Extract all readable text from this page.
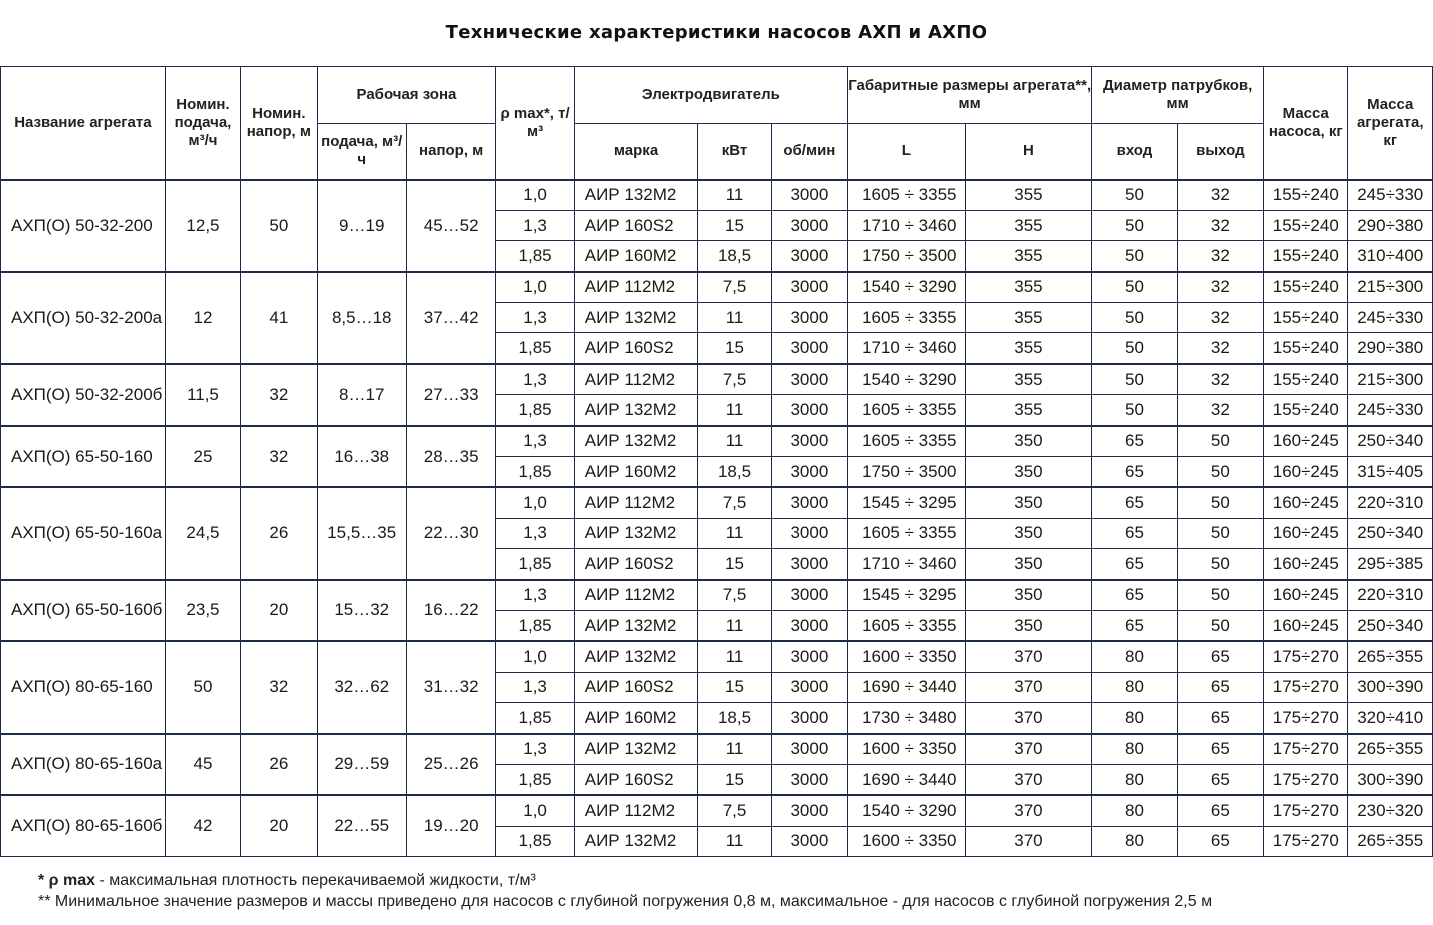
Технические характеристики насосов АХП и АХПО
Название агрегата	Номин. подача, м³/ч	Номин. напор, м	Рабочая зона		ρ max*, т/м³	Электродвигатель			Габаритные размеры агрегата**, мм		Диаметр патрубков, мм		Масса насоса, кг	Масса агрегата, кг
			подача, м³/ч	напор, м		марка	кВт	об/мин	L	H	вход	выход		
АХП(О) 50-32-200	12,5	50	9…19	45…52	1,0	АИР 132М2	11	3000	1605 ÷ 3355	355	50	32	155÷240	245÷330
					1,3	АИР 160S2	15	3000	1710 ÷ 3460	355	50	32	155÷240	290÷380
					1,85	АИР 160М2	18,5	3000	1750 ÷ 3500	355	50	32	155÷240	310÷400
АХП(О) 50-32-200а	12	41	8,5…18	37…42	1,0	АИР 112М2	7,5	3000	1540 ÷ 3290	355	50	32	155÷240	215÷300
					1,3	АИР 132М2	11	3000	1605 ÷ 3355	355	50	32	155÷240	245÷330
					1,85	АИР 160S2	15	3000	1710 ÷ 3460	355	50	32	155÷240	290÷380
АХП(О) 50-32-200б	11,5	32	8…17	27…33	1,3	АИР 112М2	7,5	3000	1540 ÷ 3290	355	50	32	155÷240	215÷300
					1,85	АИР 132М2	11	3000	1605 ÷ 3355	355	50	32	155÷240	245÷330
АХП(О) 65-50-160	25	32	16…38	28…35	1,3	АИР 132М2	11	3000	1605 ÷ 3355	350	65	50	160÷245	250÷340
					1,85	АИР 160М2	18,5	3000	1750 ÷ 3500	350	65	50	160÷245	315÷405
АХП(О) 65-50-160а	24,5	26	15,5…35	22…30	1,0	АИР 112М2	7,5	3000	1545 ÷ 3295	350	65	50	160÷245	220÷310
					1,3	АИР 132М2	11	3000	1605 ÷ 3355	350	65	50	160÷245	250÷340
					1,85	АИР 160S2	15	3000	1710 ÷ 3460	350	65	50	160÷245	295÷385
АХП(О) 65-50-160б	23,5	20	15…32	16…22	1,3	АИР 112М2	7,5	3000	1545 ÷ 3295	350	65	50	160÷245	220÷310
					1,85	АИР 132М2	11	3000	1605 ÷ 3355	350	65	50	160÷245	250÷340
АХП(О) 80-65-160	50	32	32…62	31…32	1,0	АИР 132М2	11	3000	1600 ÷ 3350	370	80	65	175÷270	265÷355
					1,3	АИР 160S2	15	3000	1690 ÷ 3440	370	80	65	175÷270	300÷390
					1,85	АИР 160М2	18,5	3000	1730 ÷ 3480	370	80	65	175÷270	320÷410
АХП(О) 80-65-160а	45	26	29…59	25…26	1,3	АИР 132М2	11	3000	1600 ÷ 3350	370	80	65	175÷270	265÷355
					1,85	АИР 160S2	15	3000	1690 ÷ 3440	370	80	65	175÷270	300÷390
АХП(О) 80-65-160б	42	20	22…55	19…20	1,0	АИР 112М2	7,5	3000	1540 ÷ 3290	370	80	65	175÷270	230÷320
					1,85	АИР 132М2	11	3000	1600 ÷ 3350	370	80	65	175÷270	265÷355
* ρ max - максимальная плотность перекачиваемой жидкости, т/м³
** Минимальное значение размеров и массы приведено для насосов с глубиной погружения 0,8 м, максимальное - для насосов с глубиной погружения 2,5 м
